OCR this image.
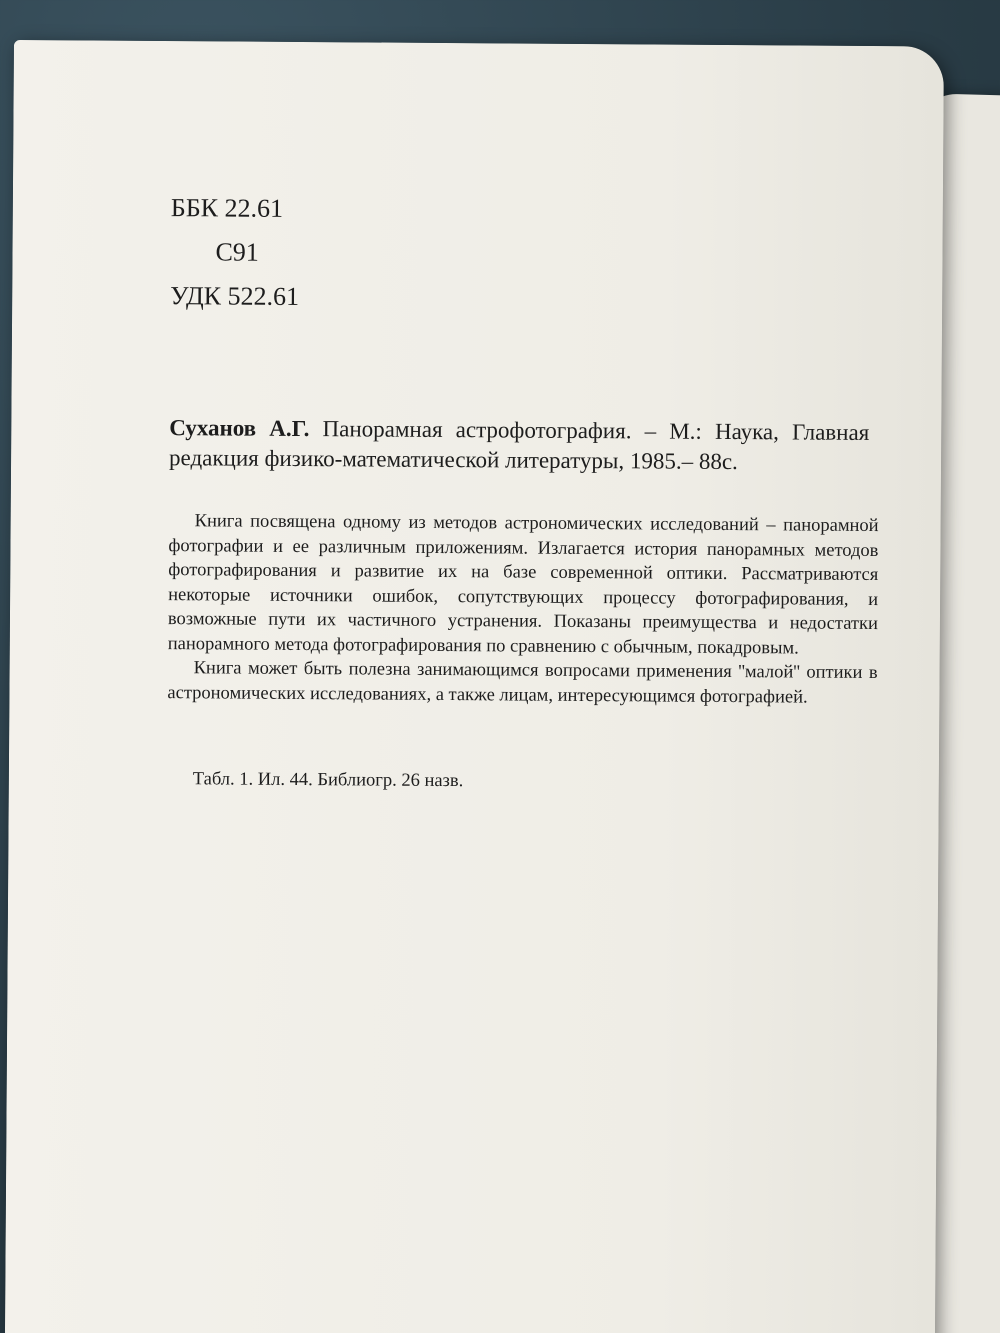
ББК 22.61
С91
УДК 522.61
Суханов А.Г. Панорамная астрофотография. – М.: Наука, Главная редакция физико-математической литературы, 1985.– 88с.

Книга посвящена одному из методов астрономических исследований – панорамной фотографии и ее различным приложениям. Излагается история панорамных методов фотографирования и развитие их на базе современной оптики. Рассматриваются некоторые источники ошибок, сопутствующих процессу фотографирования, и возможные пути их частичного устранения. Показаны преимущества и недостатки панорамного метода фотографирования по сравнению с обычным, покадровым.

Книга может быть полезна занимающимся вопросами применения ''малой'' оптики в астрономических исследованиях, а также лицам, интересующимся фотографией.

Табл. 1. Ил. 44. Библиогр. 26 назв.
